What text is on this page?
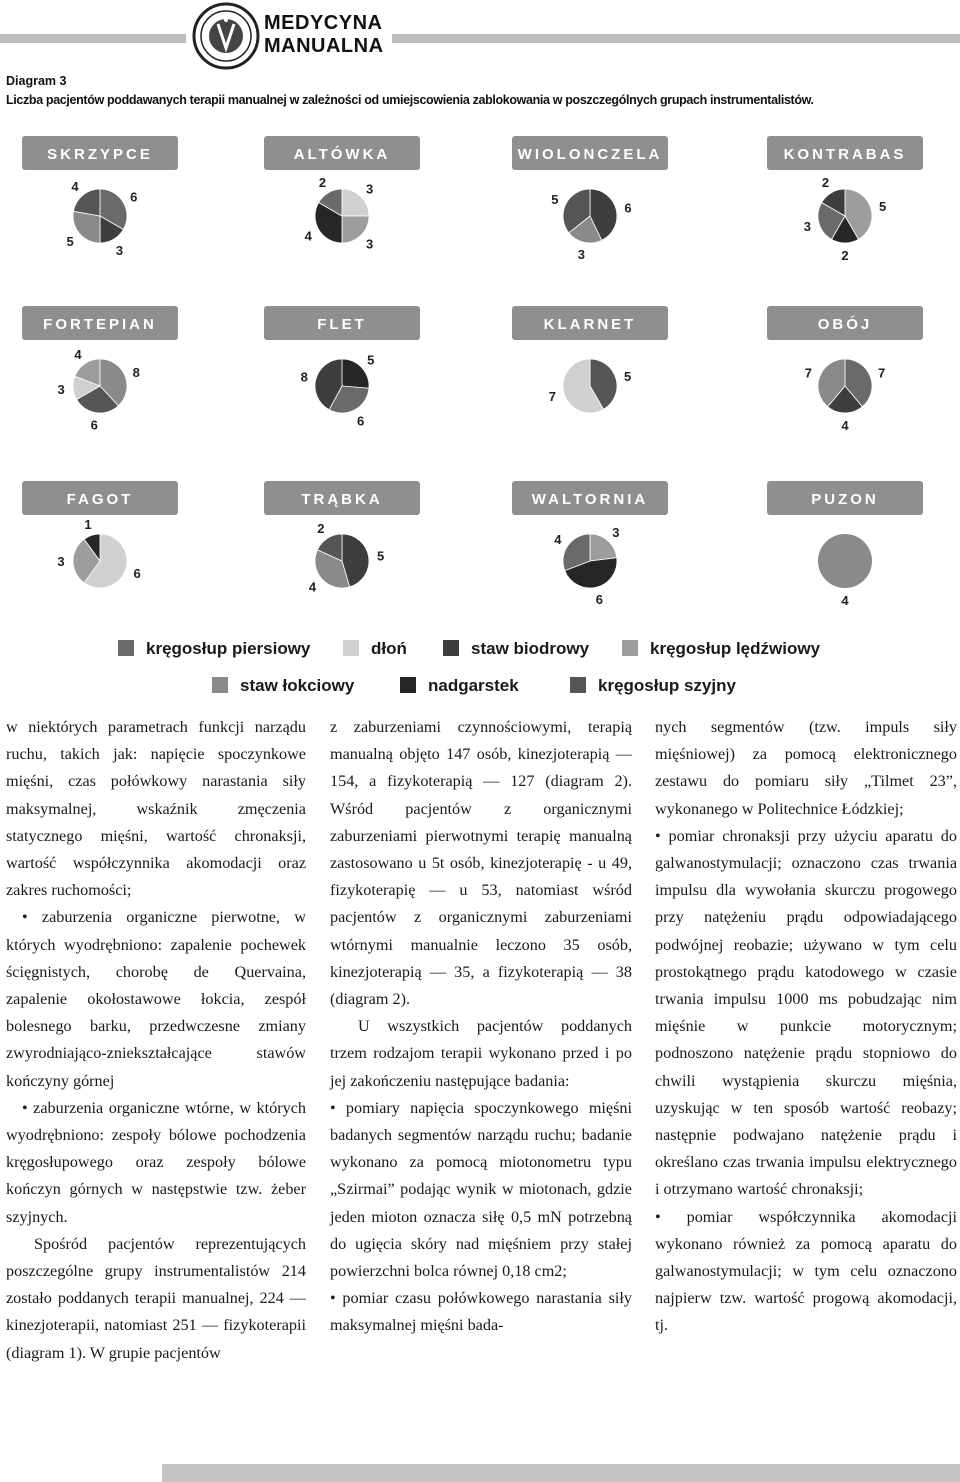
MEDYCYNA
MANUALNA
Diagram 3
Liczba pacjentów poddawanych terapii manualnej w zależności od umiejscowienia zablokowania w poszczególnych grupach instrumentalistów.
SKRZYPCE
6
3
5
4
ALTÓWKA
3
3
4
2
WIOLONCZELA
6
3
5
KONTRABAS
5
2
3
2
FORTEPIAN
8
6
3
4
FLET
5
6
8
KLARNET
5
7
OBÓJ
7
4
7
FAGOT
6
3
1
TRĄBKA
5
4
2
WALTORNIA
3
6
4
PUZON
4
kręgosłup piersiowy	dłoń	staw biodrowy	kręgosłup lędźwiowy
staw łokciowy	nadgarstek	kręgosłup szyjny

w niektórych parametrach funkcji narządu ruchu, takich jak: napięcie spoczynkowe mięśni, czas połówkowy narastania siły maksymalnej, wskaźnik zmęczenia statycznego mięśni, wartość chronaksji, wartość współczynnika akomodacji oraz zakres ruchomości;

• zaburzenia organiczne pierwotne, w których wyodrębniono: zapalenie pochewek ścięgnistych, chorobę de Quervaina, zapalenie okołostawowe łokcia, zespół bolesnego barku, przedwczesne zmiany zwyrodniająco-zniekształcające stawów kończyny górnej

• zaburzenia organiczne wtórne, w których wyodrębniono: zespoły bólowe pochodzenia kręgosłupowego oraz zespoły bólowe kończyn górnych w następstwie tzw. żeber szyjnych.

Spośród pacjentów reprezentujących poszczególne grupy instrumentalistów 214 zostało poddanych terapii manualnej, 224 — kinezjoterapii, natomiast 251 — fizykoterapii (diagram 1). W grupie pacjentów

z zaburzeniami czynnościowymi, terapią manualną objęto 147 osób, kinezjoterapią — 154, a fizykoterapią — 127 (diagram 2). Wśród pacjentów z organicznymi zaburzeniami pierwotnymi terapię manualną zastosowano u 5t osób, kinezjoterapię - u 49, fizykoterapię — u 53, natomiast wśród pacjentów z organicznymi zaburzeniami wtórnymi manualnie leczono 35 osób, kinezjoterapią — 35, a fizykoterapią — 38 (diagram 2).

U wszystkich pacjentów poddanych trzem rodzajom terapii wykonano przed i po jej zakończeniu następujące badania:

• pomiary napięcia spoczynkowego mięśni badanych segmentów narządu ruchu; badanie wykonano za pomocą miotonometru typu „Szirmai” podając wynik w miotonach, gdzie jeden mioton oznacza siłę 0,5 mN potrzebną do ugięcia skóry nad mięśniem przy stałej powierzchni bolca równej 0,18 cm2;

• pomiar czasu połówkowego narastania siły maksymalnej mięśni bada-

nych segmentów (tzw. impuls siły mięśniowej) za pomocą elektronicznego zestawu do pomiaru siły „Tilmet 23”, wykonanego w Politechnice Łódzkiej;

• pomiar chronaksji przy użyciu aparatu do galwanostymulacji; oznaczono czas trwania impulsu dla wywołania skurczu progowego przy natężeniu prądu odpowiadającego podwójnej reobazie; używano w tym celu prostokątnego prądu katodowego w czasie trwania impulsu 1000 ms pobudzając nim mięśnie w punkcie motorycznym; podnoszono natężenie prądu stopniowo do chwili wystąpienia skurczu mięśnia, uzyskując w ten sposób wartość reobazy; następnie podwajano natężenie prądu i określano czas trwania impulsu elektrycznego i otrzymano wartość chronaksji;

• pomiar współczynnika akomodacji wykonano również za pomocą aparatu do galwanostymulacji; w tym celu oznaczono najpierw tzw. wartość progową akomodacji, tj.
